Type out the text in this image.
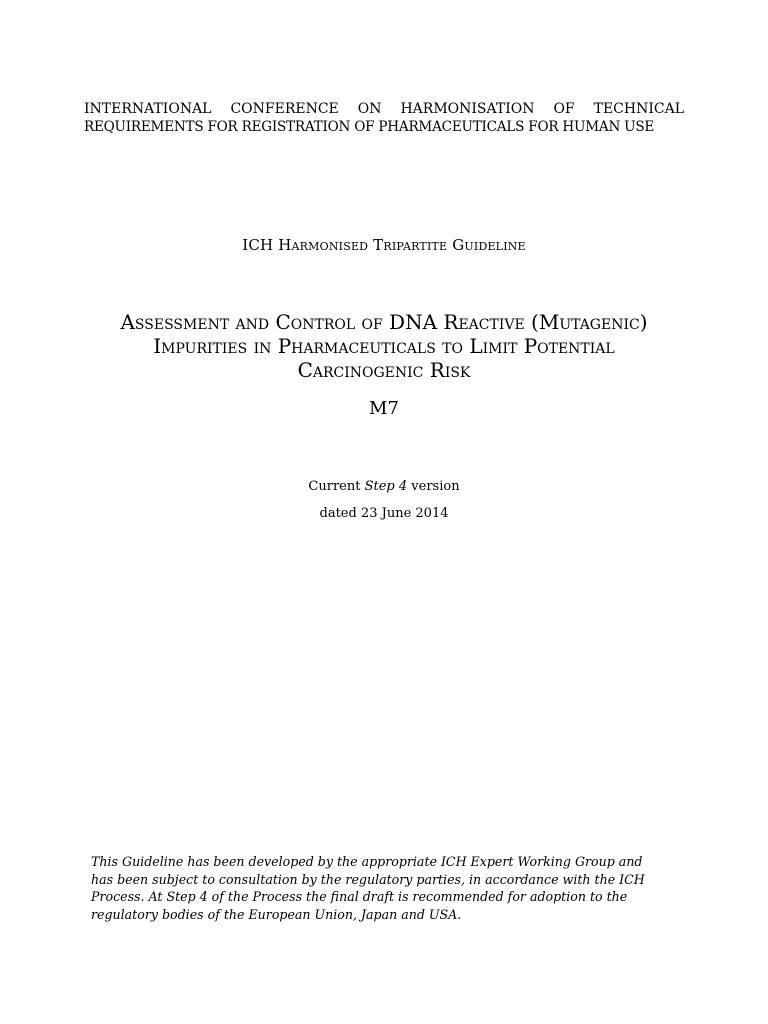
INTERNATIONAL CONFERENCE ON HARMONISATION OF TECHNICAL
REQUIREMENTS FOR REGISTRATION OF PHARMACEUTICALS FOR HUMAN USE
ICH Harmonised Tripartite Guideline
Assessment and Control of DNA Reactive (Mutagenic)
Impurities in Pharmaceuticals to Limit Potential
Carcinogenic Risk
M7
Current Step 4 version
dated 23 June 2014
This Guideline has been developed by the appropriate ICH Expert Working Group and
has been subject to consultation by the regulatory parties, in accordance with the ICH
Process. At Step 4 of the Process the final draft is recommended for adoption to the
regulatory bodies of the European Union, Japan and USA.
